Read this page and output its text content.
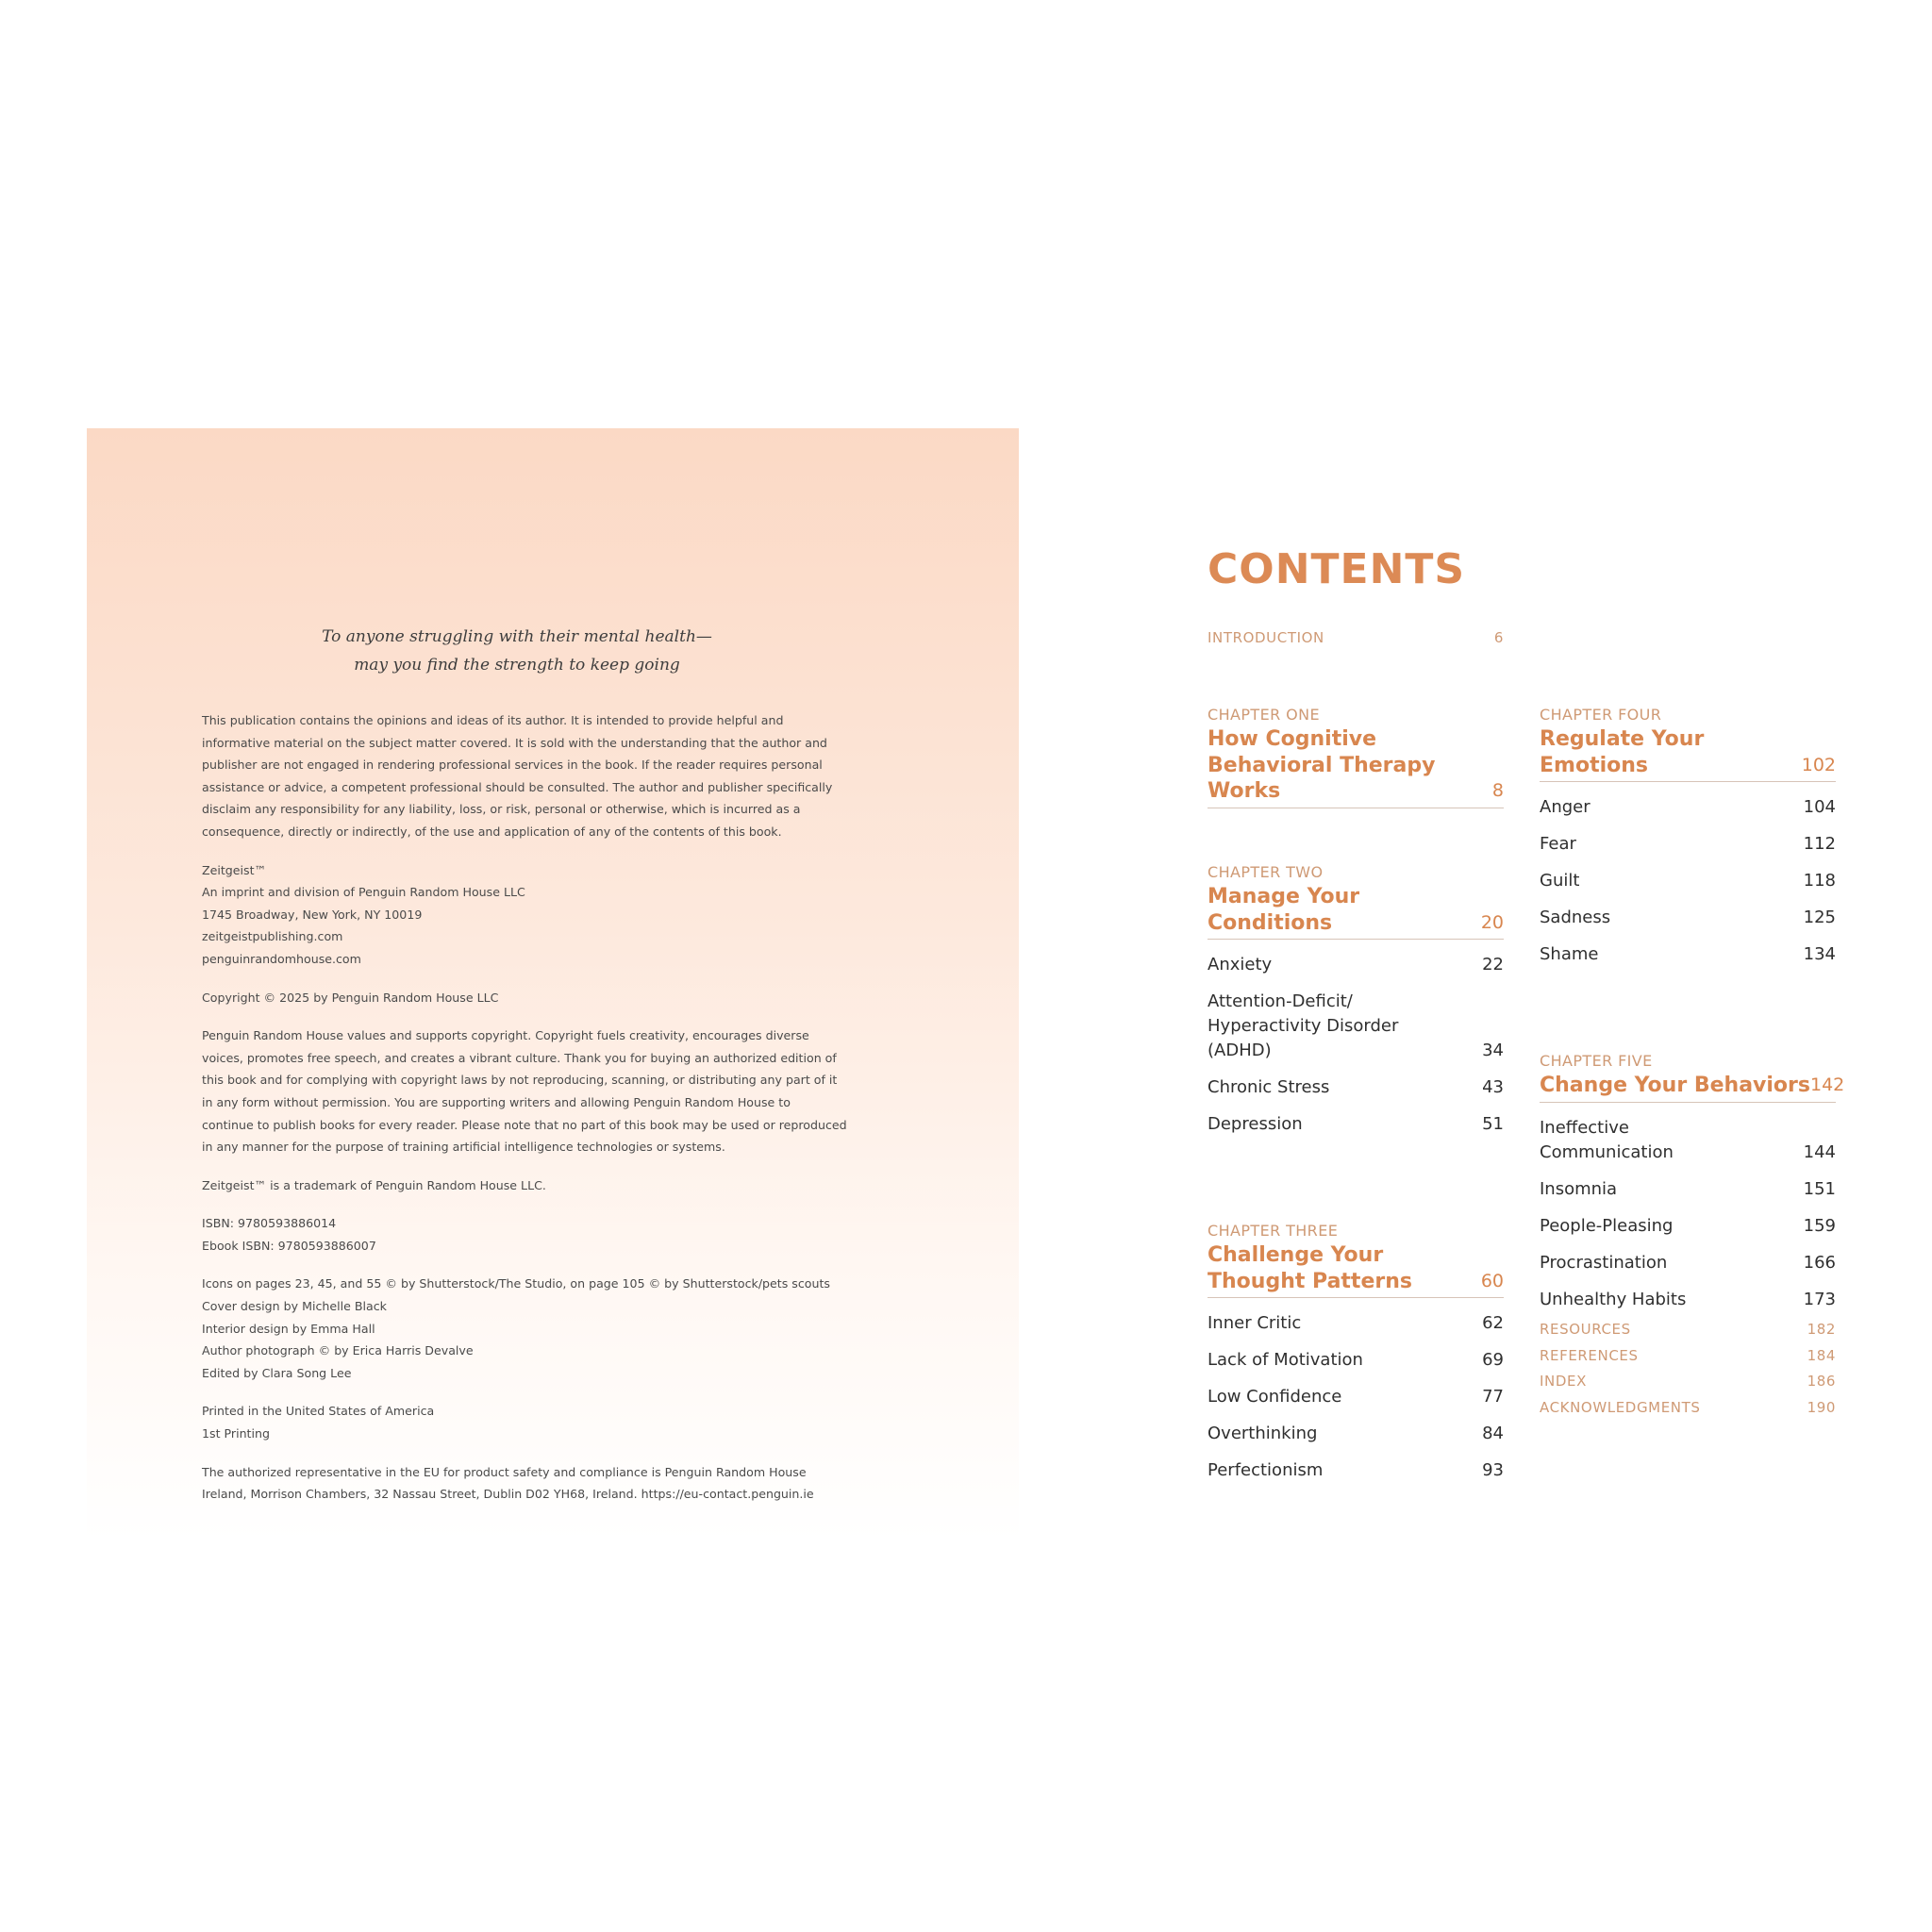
To anyone struggling with their mental health—
may you find the strength to keep going

This publication contains the opinions and ideas of its author. It is intended to provide helpful and
informative material on the subject matter covered. It is sold with the understanding that the author and
publisher are not engaged in rendering professional services in the book. If the reader requires personal
assistance or advice, a competent professional should be consulted. The author and publisher specifically
disclaim any responsibility for any liability, loss, or risk, personal or otherwise, which is incurred as a
consequence, directly or indirectly, of the use and application of any of the contents of this book.

Zeitgeist™
An imprint and division of Penguin Random House LLC
1745 Broadway, New York, NY 10019
zeitgeistpublishing.com
penguinrandomhouse.com

Copyright © 2025 by Penguin Random House LLC

Penguin Random House values and supports copyright. Copyright fuels creativity, encourages diverse
voices, promotes free speech, and creates a vibrant culture. Thank you for buying an authorized edition of
this book and for complying with copyright laws by not reproducing, scanning, or distributing any part of it
in any form without permission. You are supporting writers and allowing Penguin Random House to
continue to publish books for every reader. Please note that no part of this book may be used or reproduced
in any manner for the purpose of training artificial intelligence technologies or systems.

Zeitgeist™ is a trademark of Penguin Random House LLC.

ISBN: 9780593886014
Ebook ISBN: 9780593886007

Icons on pages 23, 45, and 55 © by Shutterstock/The Studio, on page 105 © by Shutterstock/pets scouts
Cover design by Michelle Black
Interior design by Emma Hall
Author photograph © by Erica Harris Devalve
Edited by Clara Song Lee

Printed in the United States of America
1st Printing

The authorized representative in the EU for product safety and compliance is Penguin Random House
Ireland, Morrison Chambers, 32 Nassau Street, Dublin D02 YH68, Ireland. https://eu-contact.penguin.ie

CONTENTS
INTRODUCTION	6
CHAPTER ONE
How Cognitive Behavioral Therapy Works	8
CHAPTER TWO
Manage Your Conditions	20
Anxiety	22
Attention-Deficit/ Hyperactivity Disorder (ADHD)	34
Chronic Stress	43
Depression	51
CHAPTER THREE
Challenge Your Thought Patterns	60
Inner Critic	62
Lack of Motivation	69
Low Confidence	77
Overthinking	84
Perfectionism	93
CHAPTER FOUR
Regulate Your Emotions	102
Anger	104
Fear	112
Guilt	118
Sadness	125
Shame	134
CHAPTER FIVE
Change Your Behaviors 142
Ineffective Communication	144
Insomnia	151
People-Pleasing	159
Procrastination	166
Unhealthy Habits	173
RESOURCES	182
REFERENCES	184
INDEX	186
ACKNOWLEDGMENTS	190
